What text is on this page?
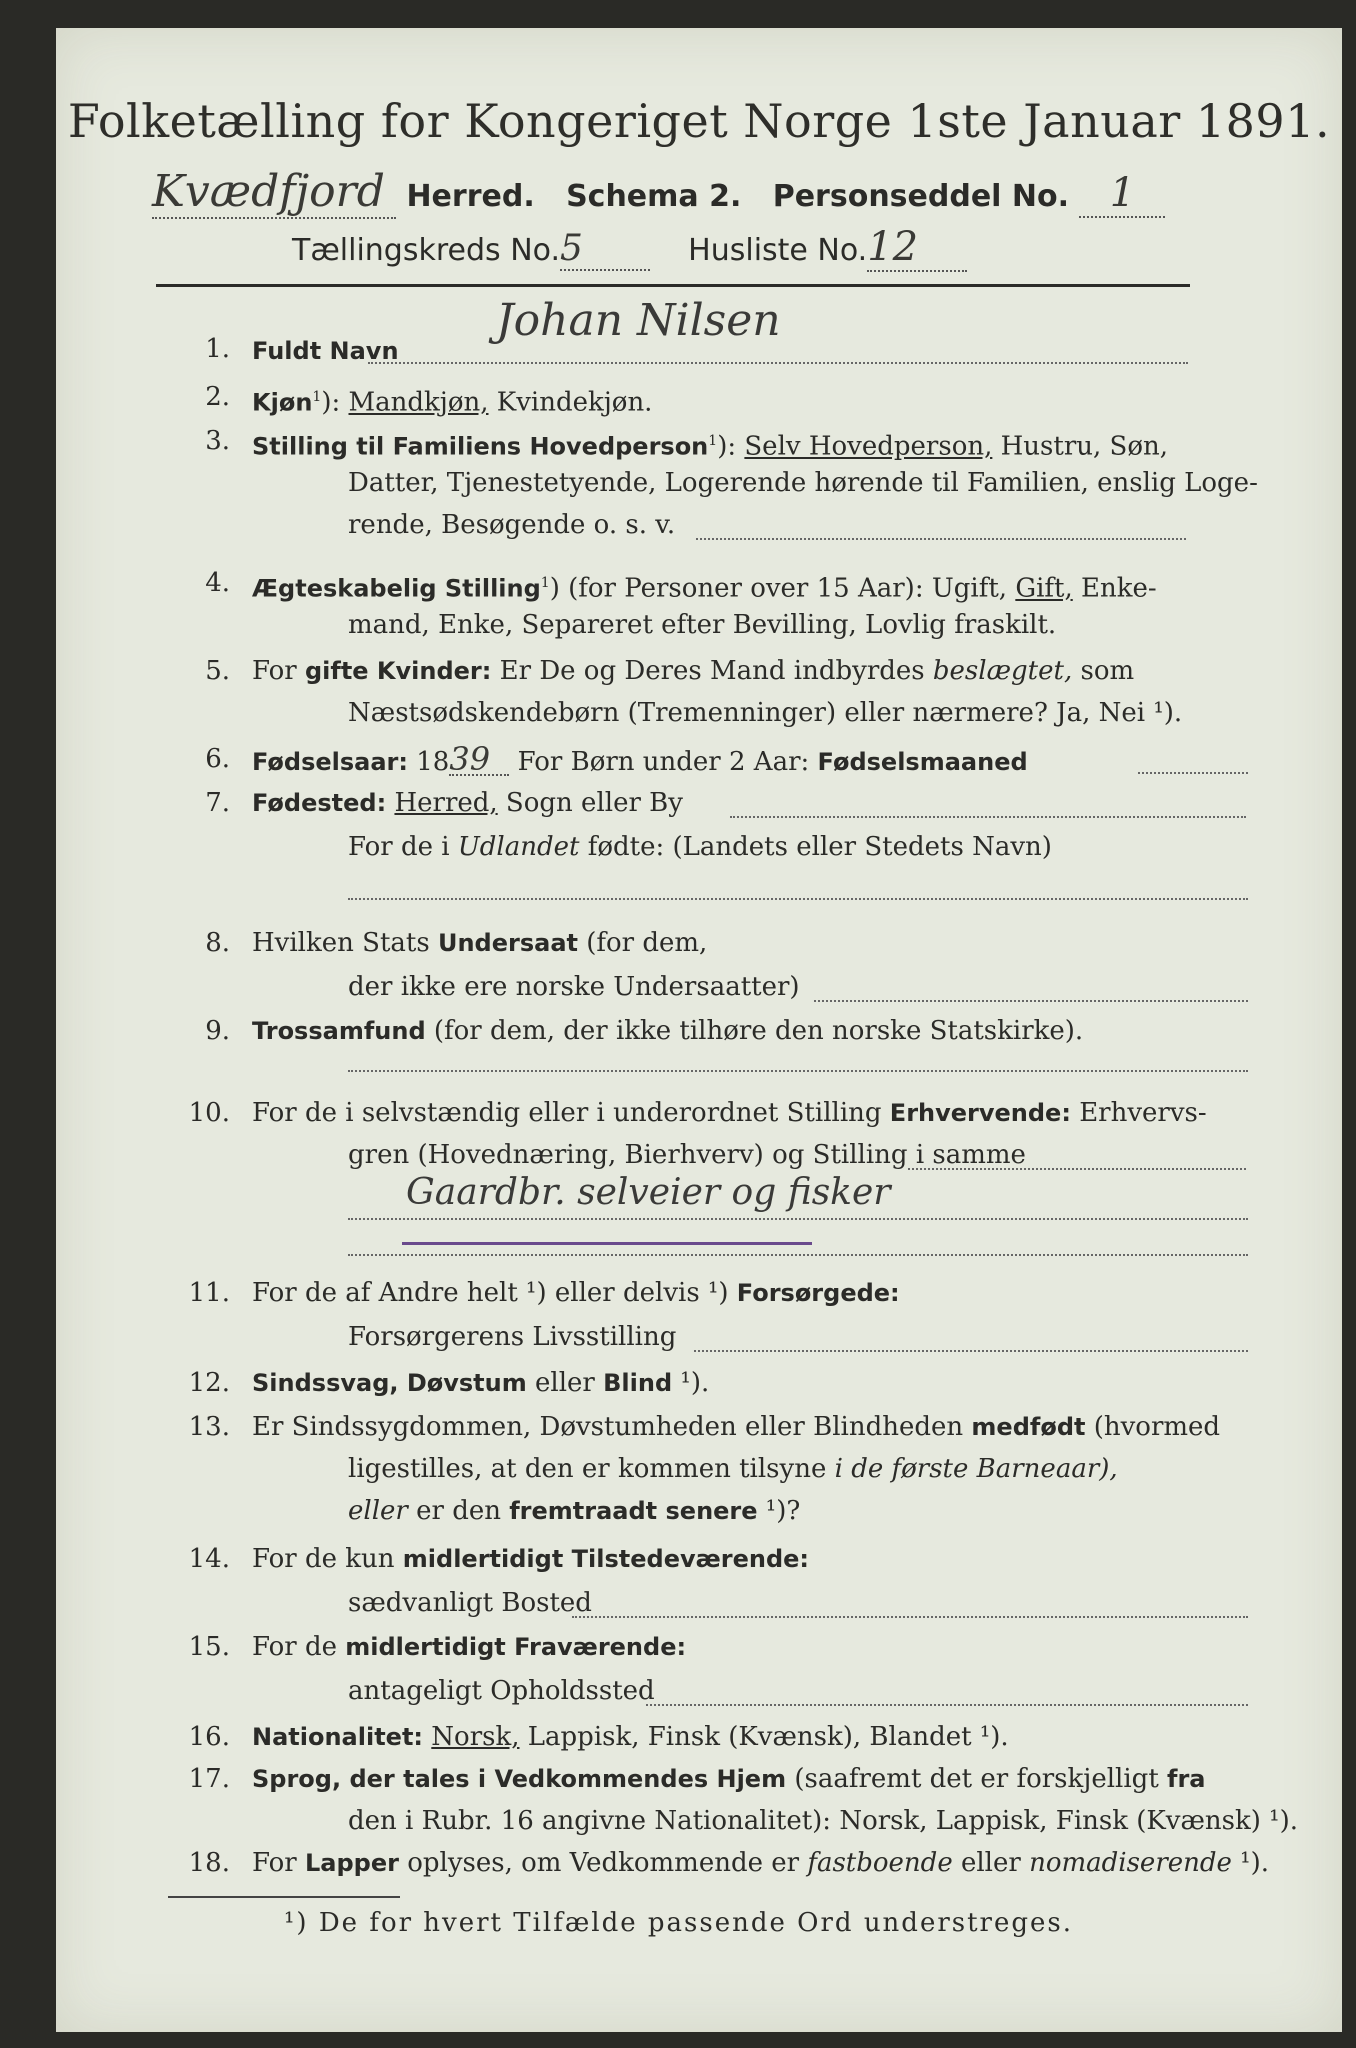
Folketælling for Kongeriget Norge 1ste Januar 1891.
Kvædfjord Herred. Schema 2. Personseddel No. 1
Tællingskreds No.5	Husliste No.12
1. Fuldt Navn
Johan Nilsen
2. Kjøn$^1$): Mandkjøn, Kvindekjøn.
3. Stilling til Familiens Hovedperson$^1$): Selv Hovedperson, Hustru, Søn,
Datter, Tjenestetyende, Logerende hørende til Familien, enslig Loge-
rende, Besøgende o. s. v.
4. Ægteskabelig Stilling$^1$) (for Personer over 15 Aar): Ugift, Gift, Enke-
mand, Enke, Separeret efter Bevilling, Lovlig fraskilt.
5. For gifte Kvinder: Er De og Deres Mand indbyrdes beslægtet, som
Næstsødskendebørn (Tremenninger) eller nærmere? Ja, Nei ¹).
6. Fødselsaar: 1839 For Børn under 2 Aar: Fødselsmaaned
7. Fødested: Herred, Sogn eller By
For de i Udlandet fødte: (Landets eller Stedets Navn)
8. Hvilken Stats Undersaat (for dem,
der ikke ere norske Undersaatter)
9. Trossamfund (for dem, der ikke tilhøre den norske Statskirke).
10. For de i selvstændig eller i underordnet Stilling Erhvervende: Erhvervs-
gren (Hovednæring, Bierhverv) og Stilling i samme
Gaardbr. selveier og fisker
11. For de af Andre helt ¹) eller delvis ¹) Forsørgede:
Forsørgerens Livsstilling
12. Sindssvag, Døvstum eller Blind ¹).
13. Er Sindssygdommen, Døvstumheden eller Blindheden medfødt (hvormed
ligestilles, at den er kommen tilsyne i de første Barneaar),
eller er den fremtraadt senere ¹)?
14. For de kun midlertidigt Tilstedeværende:
sædvanligt Bosted
15. For de midlertidigt Fraværende:
antageligt Opholdssted
16. Nationalitet: Norsk, Lappisk, Finsk (Kvænsk), Blandet ¹).
17. Sprog, der tales i Vedkommendes Hjem (saafremt det er forskjelligt fra
den i Rubr. 16 angivne Nationalitet): Norsk, Lappisk, Finsk (Kvænsk) ¹).
18. For Lapper oplyses, om Vedkommende er fastboende eller nomadiserende ¹).
¹) De for hvert Tilfælde passende Ord understreges.
